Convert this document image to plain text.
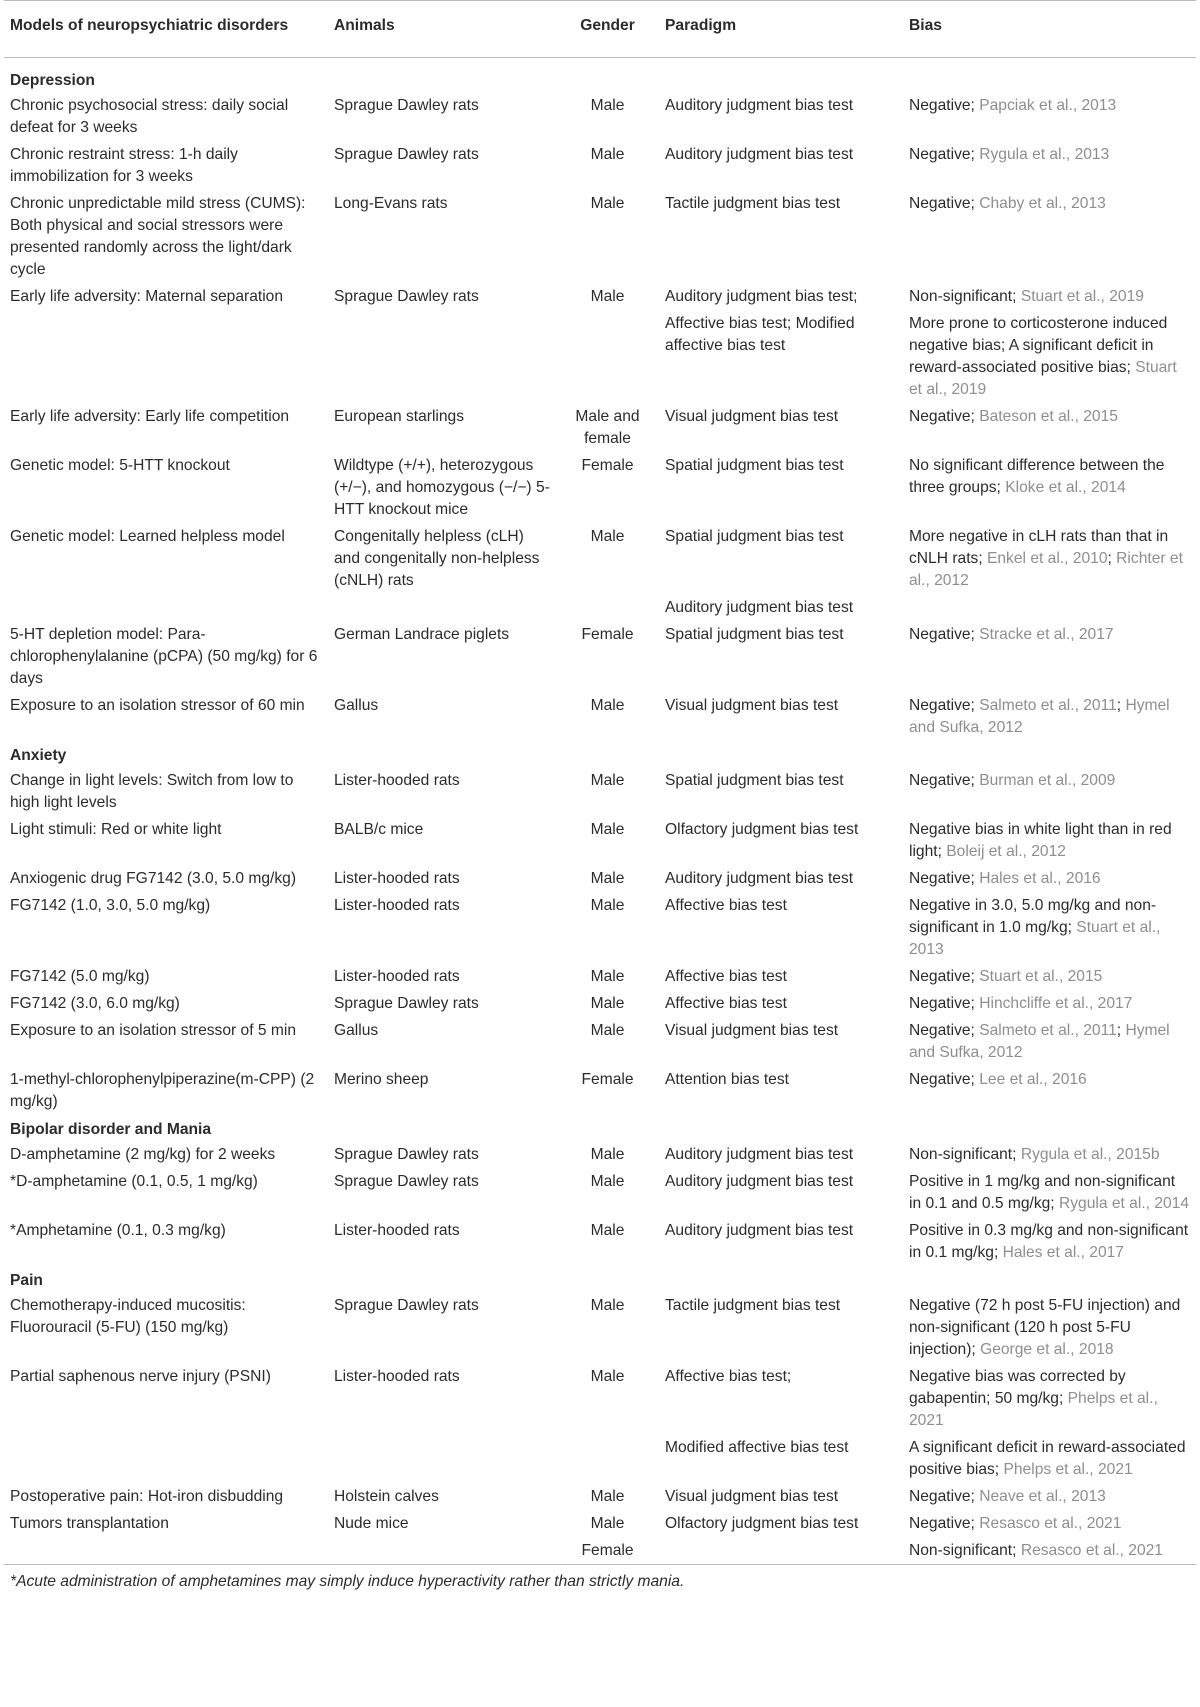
Models of neuropsychiatric disorders	Animals	Gender	Paradigm	Bias
Depression				
Chronic psychosocial stress: daily social defeat for 3 weeks	Sprague Dawley rats	Male	Auditory judgment bias test	Negative; Papciak et al., 2013
Chronic restraint stress: 1-h daily immobilization for 3 weeks	Sprague Dawley rats	Male	Auditory judgment bias test	Negative; Rygula et al., 2013
Chronic unpredictable mild stress (CUMS): Both physical and social stressors were presented randomly across the light/dark cycle	Long-Evans rats	Male	Tactile judgment bias test	Negative; Chaby et al., 2013
Early life adversity: Maternal separation	Sprague Dawley rats	Male	Auditory judgment bias test;	Non-significant; Stuart et al., 2019
			Affective bias test; Modified affective bias test	More prone to corticosterone induced negative bias; A significant deficit in reward-associated positive bias; Stuart et al., 2019
Early life adversity: Early life competition	European starlings	Male and female	Visual judgment bias test	Negative; Bateson et al., 2015
Genetic model: 5-HTT knockout	Wildtype (+/+), heterozygous (+/−), and homozygous (−/−) 5-HTT knockout mice	Female	Spatial judgment bias test	No significant difference between the three groups; Kloke et al., 2014
Genetic model: Learned helpless model	Congenitally helpless (cLH) and congenitally non-helpless (cNLH) rats	Male	Spatial judgment bias test	More negative in cLH rats than that in cNLH rats; Enkel et al., 2010; Richter et al., 2012
			Auditory judgment bias test	
5-HT depletion model: Para-chlorophenylalanine (pCPA) (50 mg/kg) for 6 days	German Landrace piglets	Female	Spatial judgment bias test	Negative; Stracke et al., 2017
Exposure to an isolation stressor of 60 min	Gallus	Male	Visual judgment bias test	Negative; Salmeto et al., 2011; Hymel and Sufka, 2012
Anxiety				
Change in light levels: Switch from low to high light levels	Lister-hooded rats	Male	Spatial judgment bias test	Negative; Burman et al., 2009
Light stimuli: Red or white light	BALB/c mice	Male	Olfactory judgment bias test	Negative bias in white light than in red light; Boleij et al., 2012
Anxiogenic drug FG7142 (3.0, 5.0 mg/kg)	Lister-hooded rats	Male	Auditory judgment bias test	Negative; Hales et al., 2016
FG7142 (1.0, 3.0, 5.0 mg/kg)	Lister-hooded rats	Male	Affective bias test	Negative in 3.0, 5.0 mg/kg and non-significant in 1.0 mg/kg; Stuart et al., 2013
FG7142 (5.0 mg/kg)	Lister-hooded rats	Male	Affective bias test	Negative; Stuart et al., 2015
FG7142 (3.0, 6.0 mg/kg)	Sprague Dawley rats	Male	Affective bias test	Negative; Hinchcliffe et al., 2017
Exposure to an isolation stressor of 5 min	Gallus	Male	Visual judgment bias test	Negative; Salmeto et al., 2011; Hymel and Sufka, 2012
1-methyl-chlorophenylpiperazine(m-CPP) (2 mg/kg)	Merino sheep	Female	Attention bias test	Negative; Lee et al., 2016
Bipolar disorder and Mania				
D-amphetamine (2 mg/kg) for 2 weeks	Sprague Dawley rats	Male	Auditory judgment bias test	Non-significant; Rygula et al., 2015b
*D-amphetamine (0.1, 0.5, 1 mg/kg)	Sprague Dawley rats	Male	Auditory judgment bias test	Positive in 1 mg/kg and non-significant in 0.1 and 0.5 mg/kg; Rygula et al., 2014
*Amphetamine (0.1, 0.3 mg/kg)	Lister-hooded rats	Male	Auditory judgment bias test	Positive in 0.3 mg/kg and non-significant in 0.1 mg/kg; Hales et al., 2017
Pain				
Chemotherapy-induced mucositis: Fluorouracil (5-FU) (150 mg/kg)	Sprague Dawley rats	Male	Tactile judgment bias test	Negative (72 h post 5-FU injection) and non-significant (120 h post 5-FU injection); George et al., 2018
Partial saphenous nerve injury (PSNI)	Lister-hooded rats	Male	Affective bias test;	Negative bias was corrected by gabapentin; 50 mg/kg; Phelps et al., 2021
			Modified affective bias test	A significant deficit in reward-associated positive bias; Phelps et al., 2021
Postoperative pain: Hot-iron disbudding	Holstein calves	Male	Visual judgment bias test	Negative; Neave et al., 2013
Tumors transplantation	Nude mice	Male	Olfactory judgment bias test	Negative; Resasco et al., 2021
		Female		Non-significant; Resasco et al., 2021
*Acute administration of amphetamines may simply induce hyperactivity rather than strictly mania.
